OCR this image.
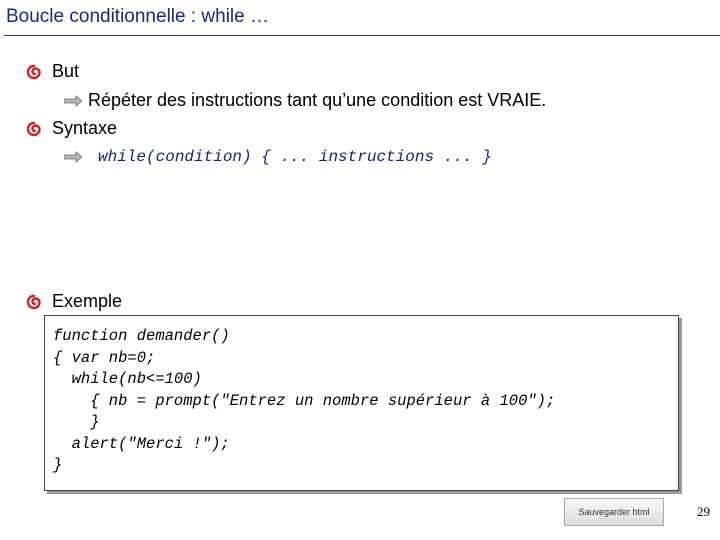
Boucle conditionnelle : while …
But
Répéter des instructions tant qu’une condition est VRAIE.
Syntaxe
while(condition) { ... instructions ... }
Exemple
function demander()
{ var nb=0;
while(nb<=100)
{ nb = prompt("Entrez un nombre supérieur à 100");
}
alert("Merci !");
}
Sauvegarder html	29
